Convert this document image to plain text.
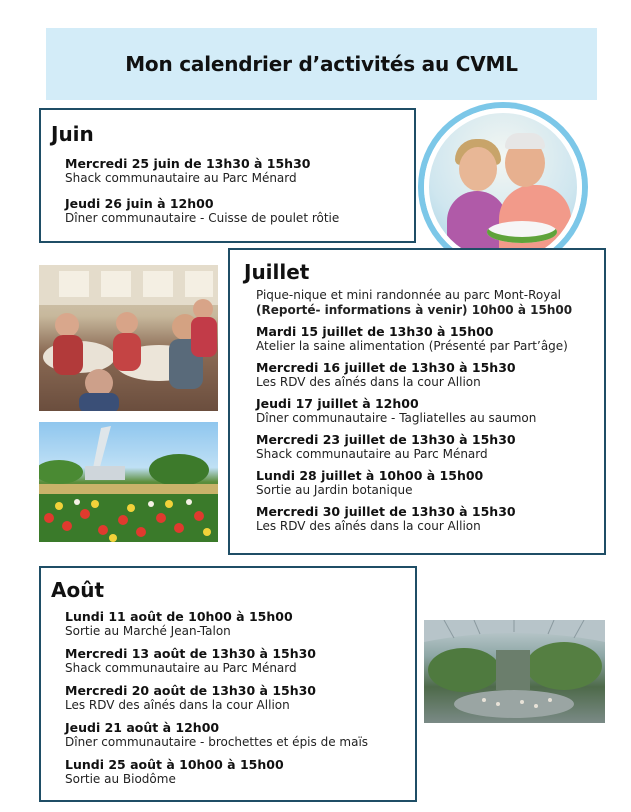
Mon calendrier d’activités au CVML
Juin
Mercredi 25 juin de 13h30 à 15h30
Shack communautaire au Parc Ménard
Jeudi 26 juin à 12h00
Dîner communautaire - Cuisse de poulet rôtie
Juillet
Pique-nique et mini randonnée au parc Mont-Royal
(Reporté- informations à venir) 10h00 à 15h00
Mardi 15 juillet de 13h30 à 15h00
Atelier la saine alimentation (Présenté par Part’âge)
Mercredi 16 juillet de 13h30 à 15h30
Les RDV des aînés dans la cour Allion
Jeudi 17 juillet à 12h00
Dîner communautaire - Tagliatelles au saumon
Mercredi 23 juillet de 13h30 à 15h30
Shack communautaire au Parc Ménard
Lundi 28 juillet à 10h00 à 15h00
Sortie au Jardin botanique
Mercredi 30 juillet de 13h30 à 15h30
Les RDV des aînés dans la cour Allion
Août
Lundi 11 août de 10h00 à 15h00
Sortie au Marché Jean-Talon
Mercredi 13 août de 13h30 à 15h30
Shack communautaire au Parc Ménard
Mercredi 20 août de 13h30 à 15h30
Les RDV des aînés dans la cour Allion
Jeudi 21 août à 12h00
Dîner communautaire - brochettes et épis de maïs
Lundi 25 août à 10h00 à 15h00
Sortie au Biodôme
